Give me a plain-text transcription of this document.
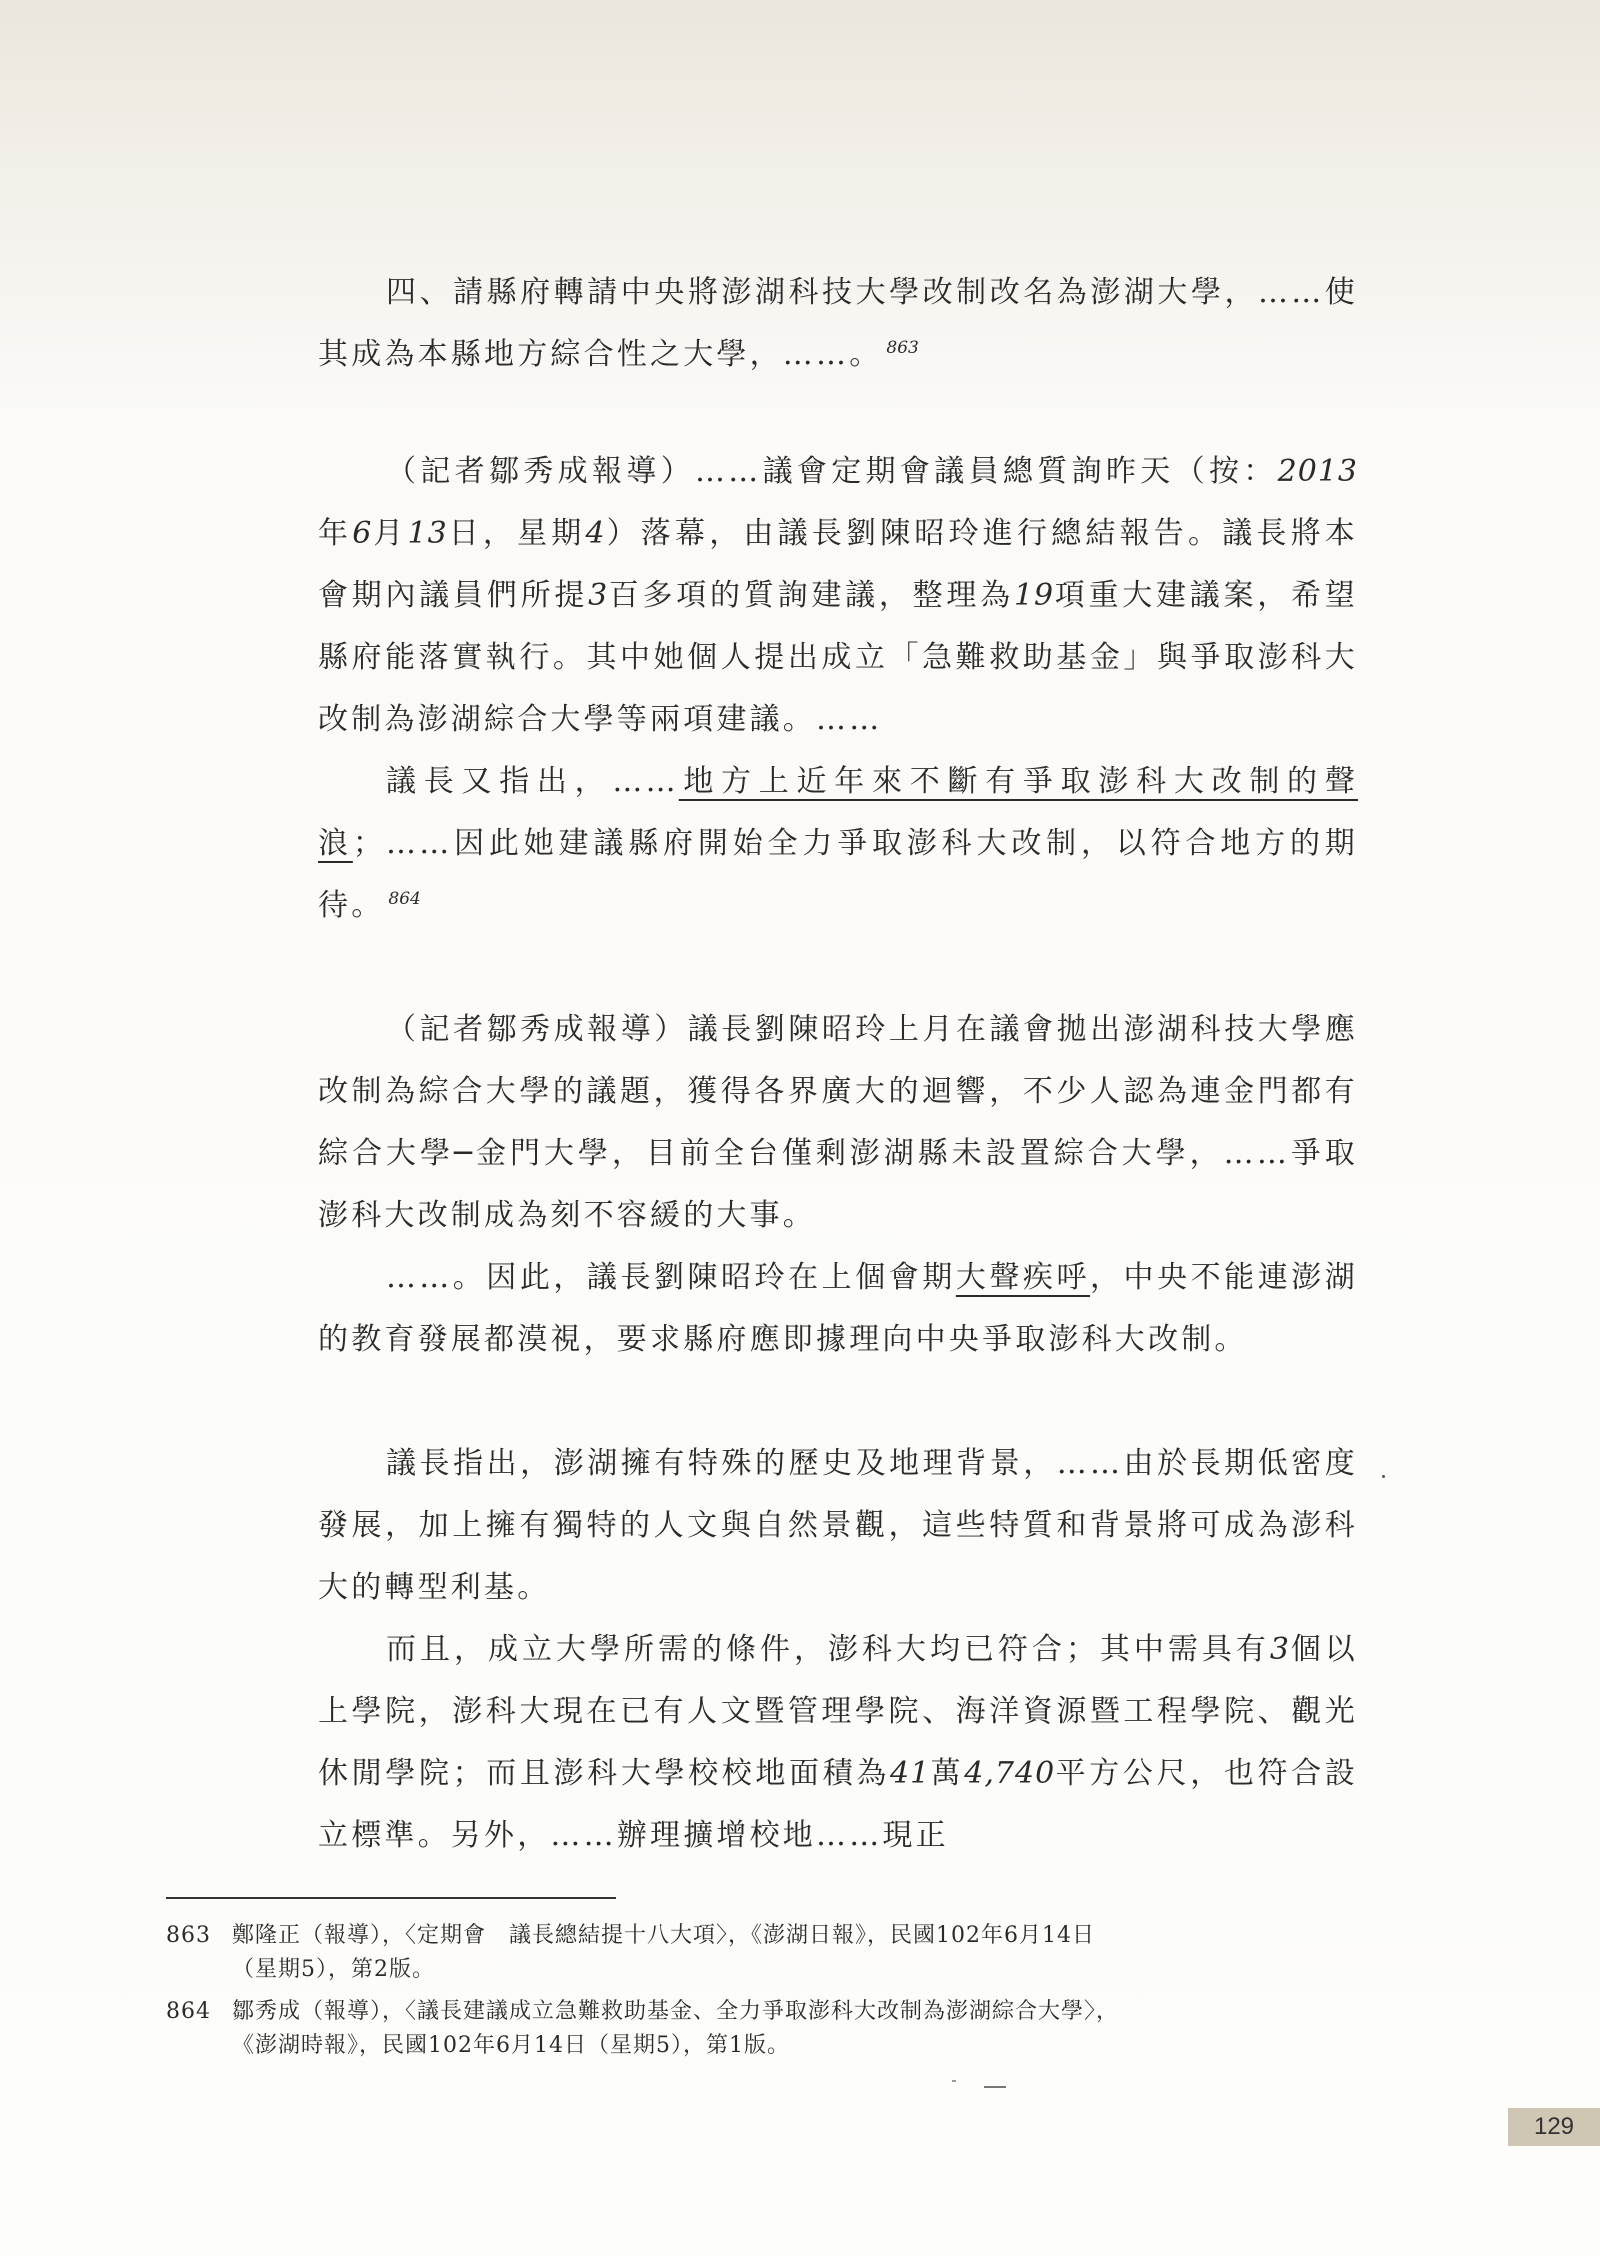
四、請縣府轉請中央將澎湖科技大學改制改名為澎湖大學，……使其成為本縣地方綜合性之大學，……。 $^{863}$

（記者鄒秀成報導）……議會定期會議員總質詢昨天（按：2013年6月13日，星期4）落幕，由議長劉陳昭玲進行總結報告。議長將本會期內議員們所提3百多項的質詢建議，整理為19項重大建議案，希望縣府能落實執行。其中她個人提出成立「急難救助基金」與爭取澎科大改制為澎湖綜合大學等兩項建議。……

議長又指出，……地方上近年來不斷有爭取澎科大改制的聲浪；……因此她建議縣府開始全力爭取澎科大改制，以符合地方的期待。 $^{864}$

（記者鄒秀成報導）議長劉陳昭玲上月在議會拋出澎湖科技大學應改制為綜合大學的議題，獲得各界廣大的迴響，不少人認為連金門都有綜合大學─金門大學，目前全台僅剩澎湖縣未設置綜合大學，……爭取澎科大改制成為刻不容緩的大事。

……。因此，議長劉陳昭玲在上個會期大聲疾呼，中央不能連澎湖的教育發展都漠視，要求縣府應即據理向中央爭取澎科大改制。

議長指出，澎湖擁有特殊的歷史及地理背景，……由於長期低密度發展，加上擁有獨特的人文與自然景觀，這些特質和背景將可成為澎科大的轉型利基。

而且，成立大學所需的條件，澎科大均已符合；其中需具有3個以上學院，澎科大現在已有人文暨管理學院、海洋資源暨工程學院、觀光休閒學院；而且澎科大學校校地面積為41萬4,740平方公尺，也符合設立標準。另外，……辦理擴增校地……現正

863 鄭隆正（報導），〈定期會　議長總結提十八大項〉，《澎湖日報》，民國102年6月14日
（星期5），第2版。

864 鄒秀成（報導），〈議長建議成立急難救助基金、全力爭取澎科大改制為澎湖綜合大學〉，
《澎湖時報》，民國102年6月14日（星期5），第1版。

129
